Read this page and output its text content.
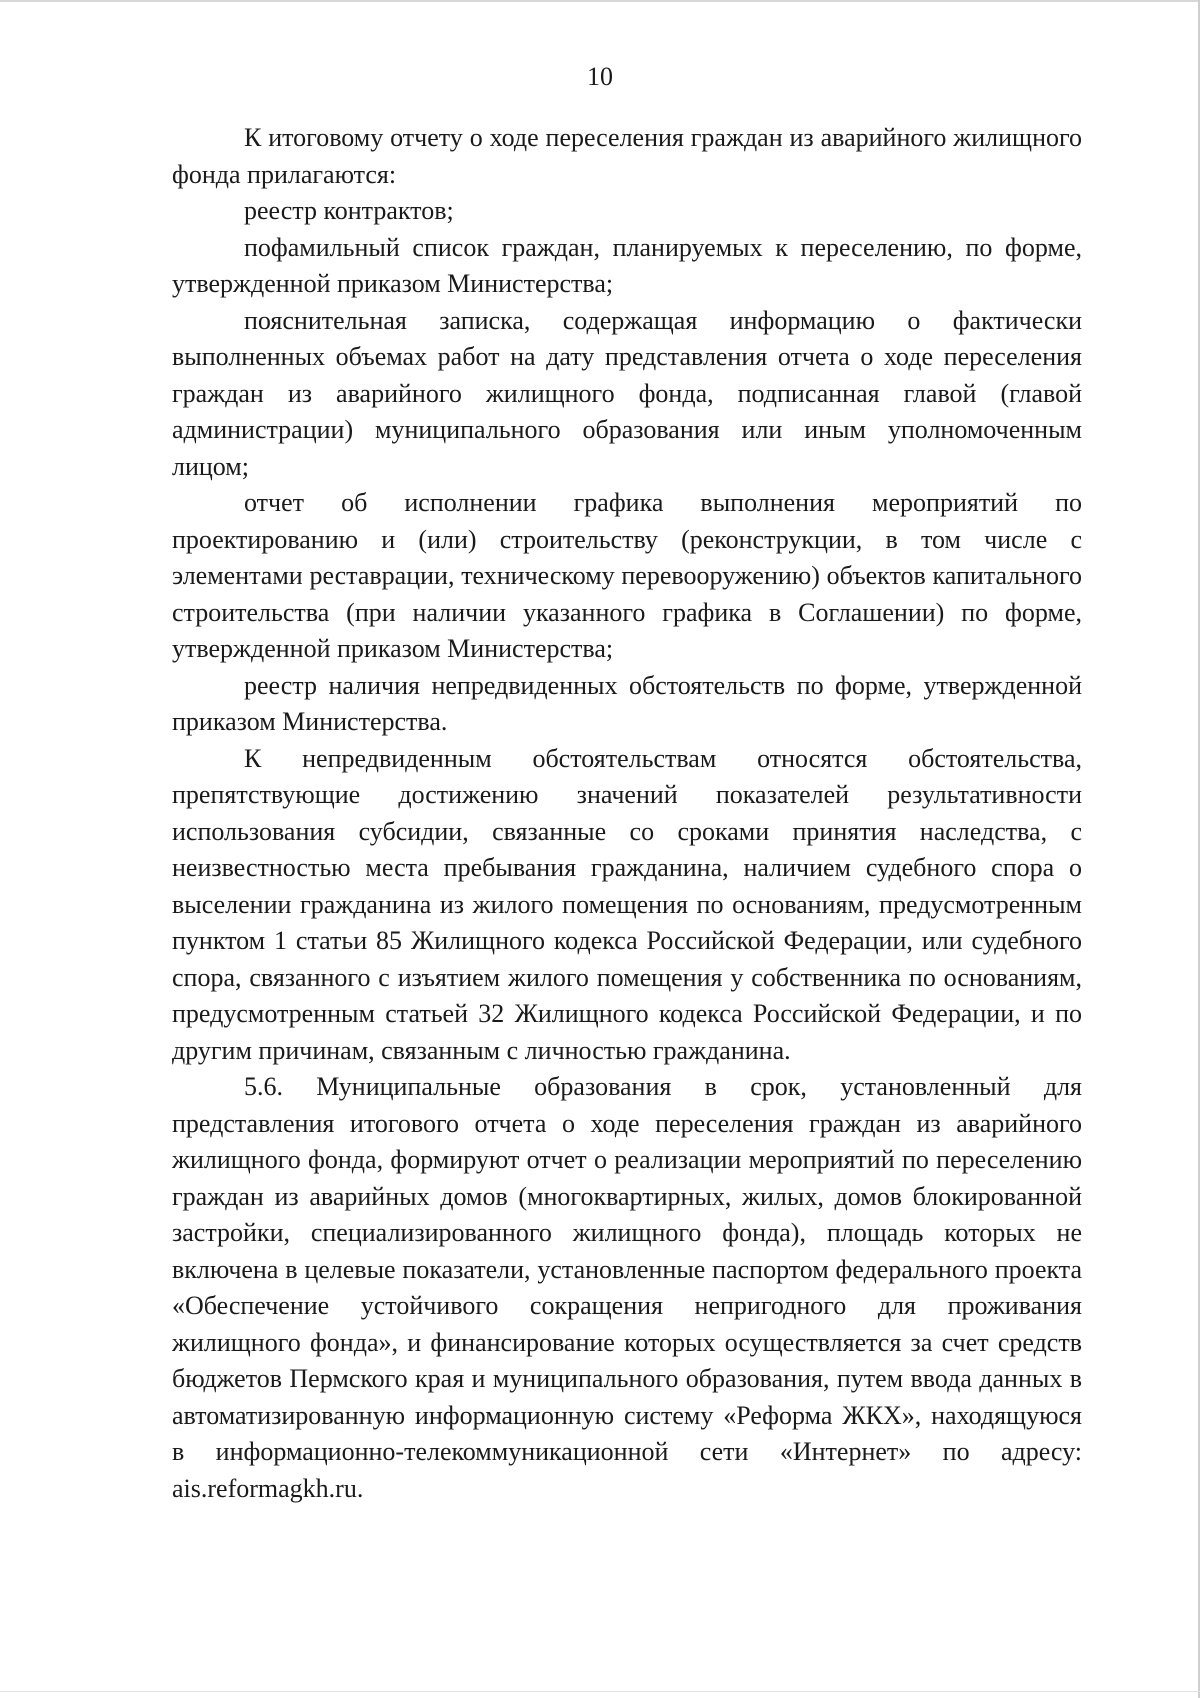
10

К итоговому отчету о ходе переселения граждан из аварийного жилищного фонда прилагаются:

реестр контрактов;

пофамильный список граждан, планируемых к переселению, по форме, утвержденной приказом Министерства;

пояснительная записка, содержащая информацию о фактически выполненных объемах работ на дату представления отчета о ходе переселения граждан из аварийного жилищного фонда, подписанная главой (главой администрации) муниципального образования или иным уполномоченным лицом;

отчет об исполнении графика выполнения мероприятий по проектированию и (или) строительству (реконструкции, в том числе с элементами реставрации, техническому перевооружению) объектов капитального строительства (при наличии указанного графика в Соглашении) по форме, утвержденной приказом Министерства;

реестр наличия непредвиденных обстоятельств по форме, утвержденной приказом Министерства.

К непредвиденным обстоятельствам относятся обстоятельства, препятствующие достижению значений показателей результативности использования субсидии, связанные со сроками принятия наследства, с неизвестностью места пребывания гражданина, наличием судебного спора о выселении гражданина из жилого помещения по основаниям, предусмотренным пунктом 1 статьи 85 Жилищного кодекса Российской Федерации, или судебного спора, связанного с изъятием жилого помещения у собственника по основаниям, предусмотренным статьей 32 Жилищного кодекса Российской Федерации, и по другим причинам, связанным с личностью гражданина.

5.6. Муниципальные образования в срок, установленный для представления итогового отчета о ходе переселения граждан из аварийного жилищного фонда, формируют отчет о реализации мероприятий по переселению граждан из аварийных домов (многоквартирных, жилых, домов блокированной застройки, специализированного жилищного фонда), площадь которых не включена в целевые показатели, установленные паспортом федерального проекта «Обеспечение устойчивого сокращения непригодного для проживания жилищного фонда», и финансирование которых осуществляется за счет средств бюджетов Пермского края и муниципального образования, путем ввода данных в автоматизированную информационную систему «Реформа ЖКХ», находящуюся в информационно-телекоммуникационной сети «Интернет» по адресу: ais.reformagkh.ru.
